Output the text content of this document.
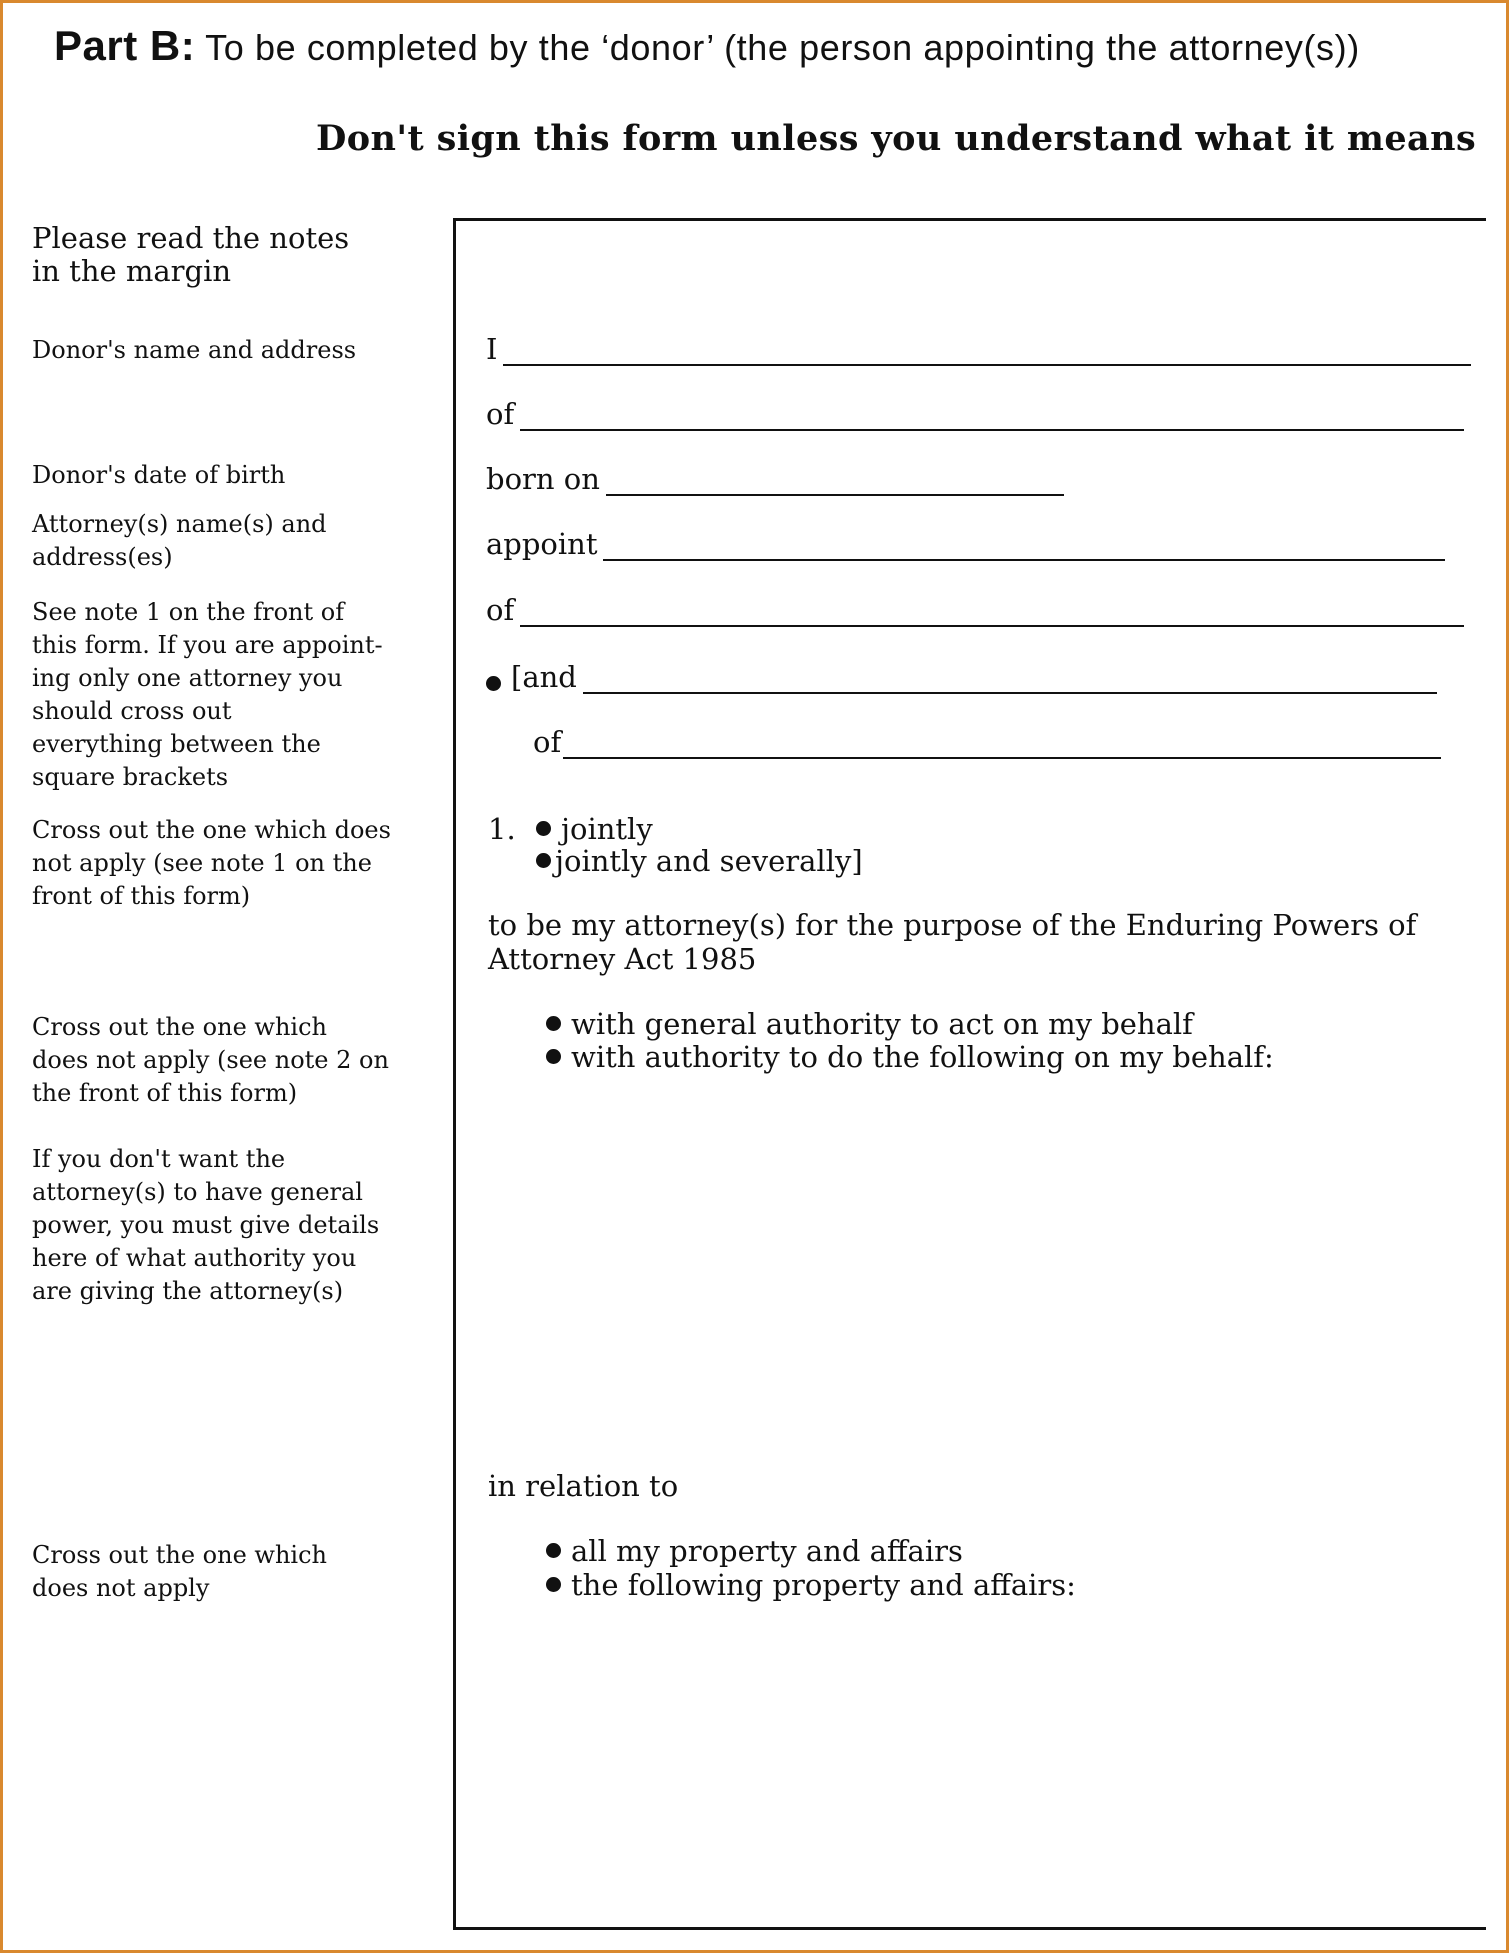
Part B: To be completed by the ‘donor’ (the person appointing the attorney(s))
Don't sign this form unless you understand what it means
Please read the notes
in the margin
Donor's name and address
Donor's date of birth
Attorney(s) name(s) and
address(es)
See note 1 on the front of
this form. If you are appoint-
ing only one attorney you
should cross out
everything between the
square brackets
Cross out the one which does
not apply (see note 1 on the
front of this form)
Cross out the one which
does not apply (see note 2 on
the front of this form)
If you don't want the
attorney(s) to have general
power, you must give details
here of what authority you
are giving the attorney(s)
Cross out the one which
does not apply
I
of
born on
appoint
of
[and
of
1.	jointly
jointly and severally]
to be my attorney(s) for the purpose of the Enduring Powers of
Attorney Act 1985
with general authority to act on my behalf
with authority to do the following on my behalf:
in relation to
all my property and affairs
the following property and affairs:
